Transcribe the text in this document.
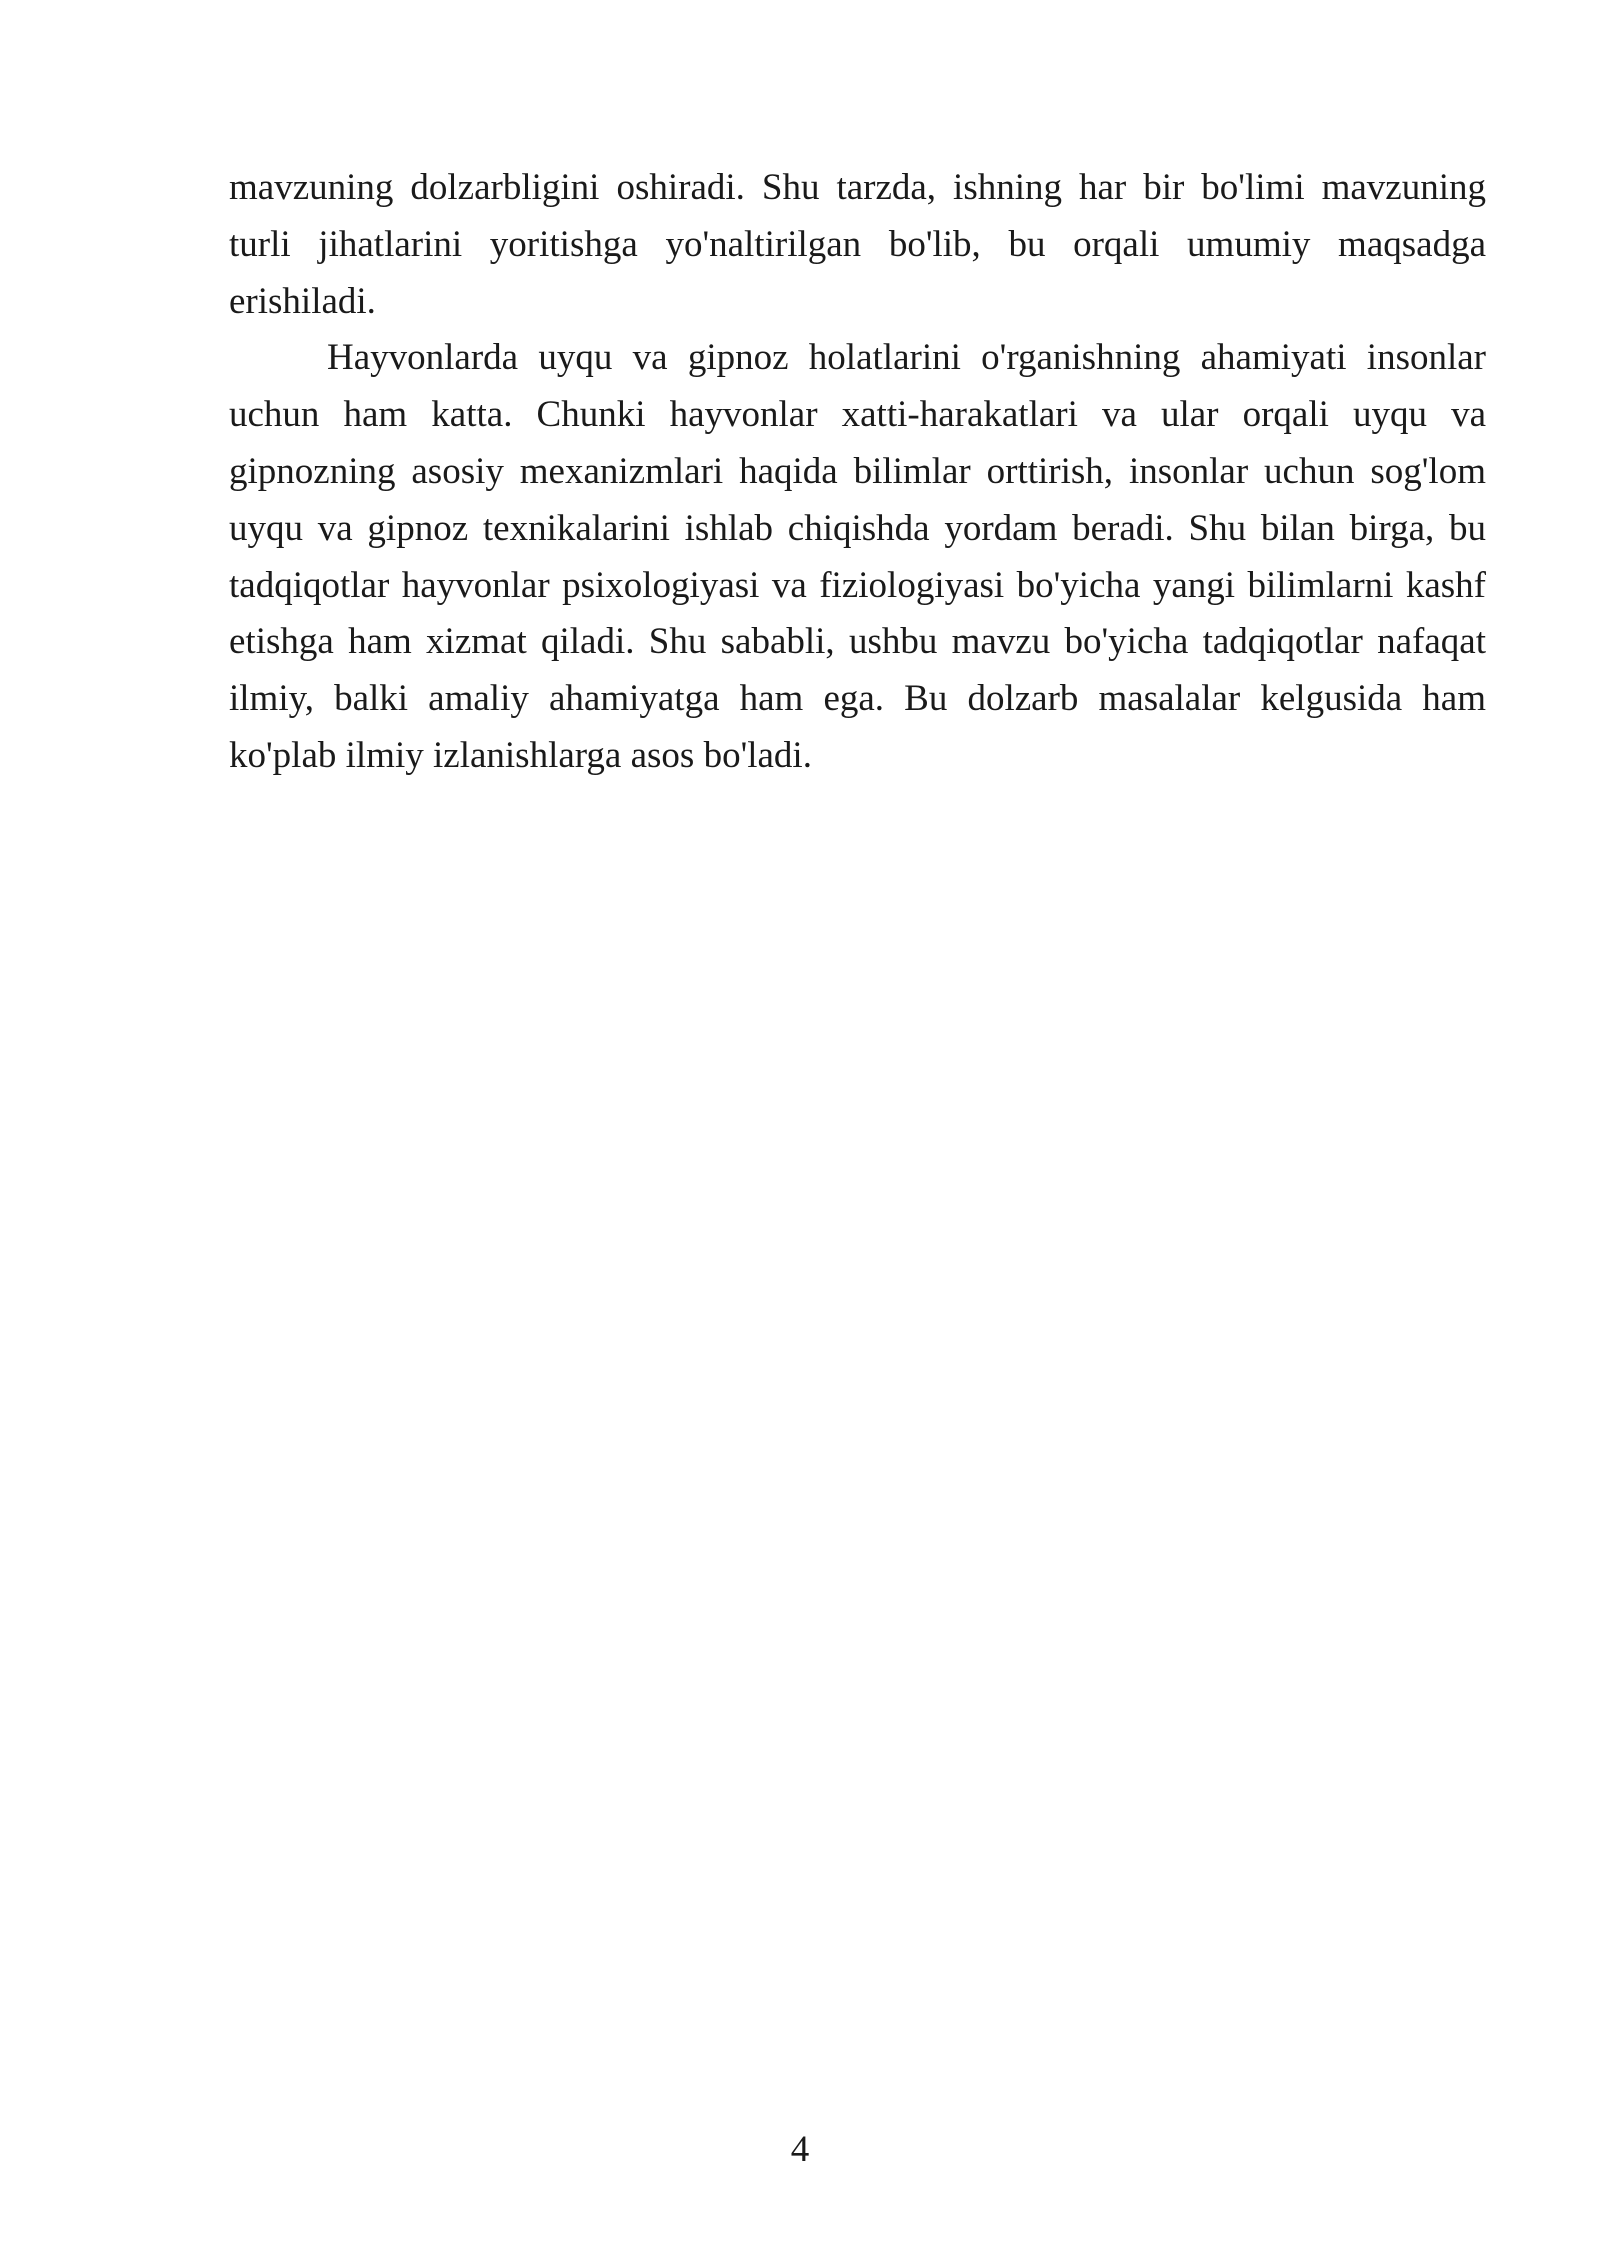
mavzuning dolzarbligini oshiradi. Shu tarzda, ishning har bir bo'limi mavzuning turli jihatlarini yoritishga yo'naltirilgan bo'lib, bu orqali umumiy maqsadga erishiladi.

Hayvonlarda uyqu va gipnoz holatlarini o'rganishning ahamiyati insonlar uchun ham katta. Chunki hayvonlar xatti-harakatlari va ular orqali uyqu va gipnozning asosiy mexanizmlari haqida bilimlar orttirish, insonlar uchun sog'lom uyqu va gipnoz texnikalarini ishlab chiqishda yordam beradi. Shu bilan birga, bu tadqiqotlar hayvonlar psixologiyasi va fiziologiyasi bo'yicha yangi bilimlarni kashf etishga ham xizmat qiladi. Shu sababli, ushbu mavzu bo'yicha tadqiqotlar nafaqat ilmiy, balki amaliy ahamiyatga ham ega. Bu dolzarb masalalar kelgusida ham ko'plab ilmiy izlanishlarga asos bo'ladi.

4
